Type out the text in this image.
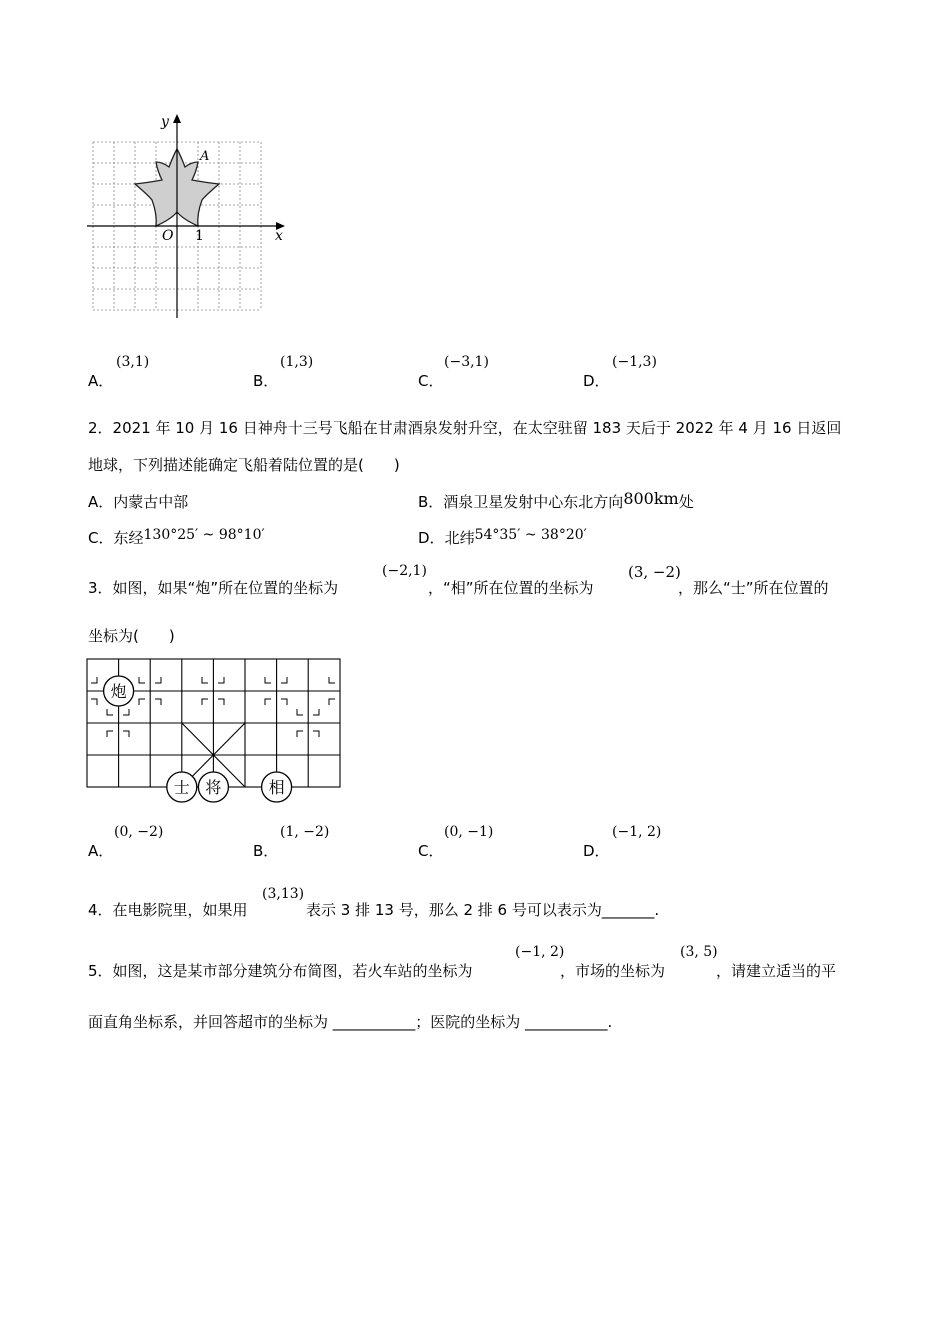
y
x
O 1
A
A．
(3,1)
B．
(1,3)
C．
(−3,1)
D．
(−1,3)
2．2021 年 10 月 16 日神舟十三号飞船在甘肃酒泉发射升空，在太空驻留 183 天后于 2022 年 4 月 16 日返回
地球，下列描述能确定飞船着陆位置的是(　　)
A．内蒙古中部	B．酒泉卫星发射中心东北方向800km处
C．东经130°25′ ~ 98°10′	D．北纬54°35′ ~ 38°20′
3．如图，如果“炮”所在位置的坐标为
(−2,1)
，“相”所在位置的坐标为
(3, −2)
，那么“士”所在位置的
坐标为(　　)
炮
士 将	相
A．
(0, −2)
B．
(1, −2)
C．
(0, −1)
D．
(−1, 2)
4．在电影院里，如果用
(3,13)
表示 3 排 13 号，那么 2 排 6 号可以表示为_______.
5．如图，这是某市部分建筑分布简图，若火车站的坐标为
(−1, 2)
，市场的坐标为
(3, 5)
，请建立适当的平
面直角坐标系，并回答超市的坐标为 ___________；医院的坐标为 ___________.
